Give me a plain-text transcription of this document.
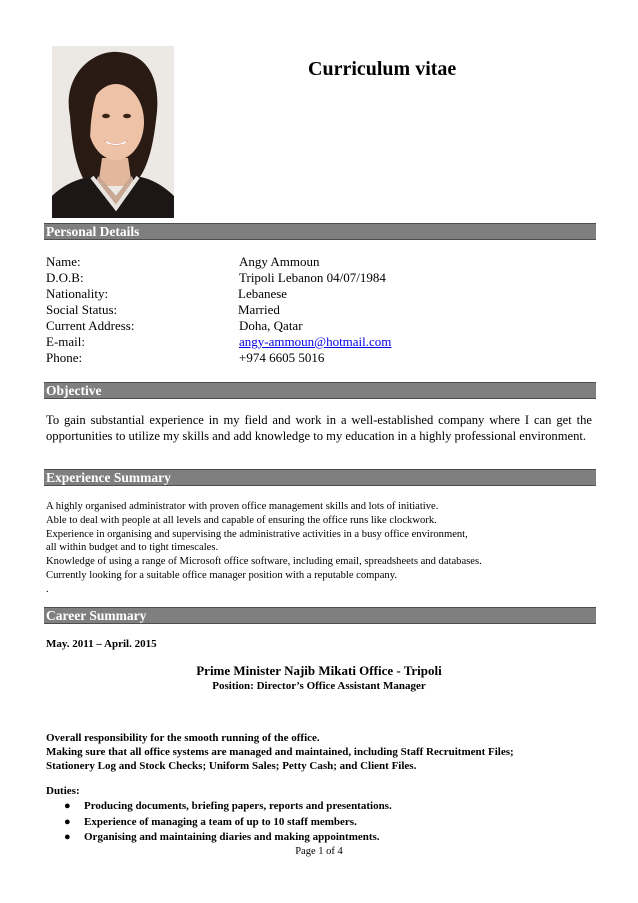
Curriculum vitae
Personal Details
Name:	Angy Ammoun
D.O.B:	Tripoli Lebanon 04/07/1984
Nationality:	Lebanese
Social Status:	Married
Current Address:	Doha, Qatar
E-mail:	angy-ammoun@hotmail.com
Phone:	+974 6605 5016
Objective
To gain substantial experience in my field and work in a well-established company where I can get the opportunities to utilize my skills and add knowledge to my education in a highly professional environment.
Experience Summary
A highly organised administrator with proven office management skills and lots of initiative.
Able to deal with people at all levels and capable of ensuring the office runs like clockwork.
Experience in organising and supervising the administrative activities in a busy office environment,
all within budget and to tight timescales.
Knowledge of using a range of Microsoft office software, including email, spreadsheets and databases.
Currently looking for a suitable office manager position with a reputable company.
.
Career Summary
May. 2011 – April. 2015
Prime Minister Najib Mikati Office - Tripoli
Position: Director’s Office Assistant Manager
Overall responsibility for the smooth running of the office.
Making sure that all office systems are managed and maintained, including Staff Recruitment Files;
Stationery Log and Stock Checks; Uniform Sales; Petty Cash; and Client Files.
Duties:
● Producing documents, briefing papers, reports and presentations.
● Experience of managing a team of up to 10 staff members.
● Organising and maintaining diaries and making appointments.
Page 1 of 4
